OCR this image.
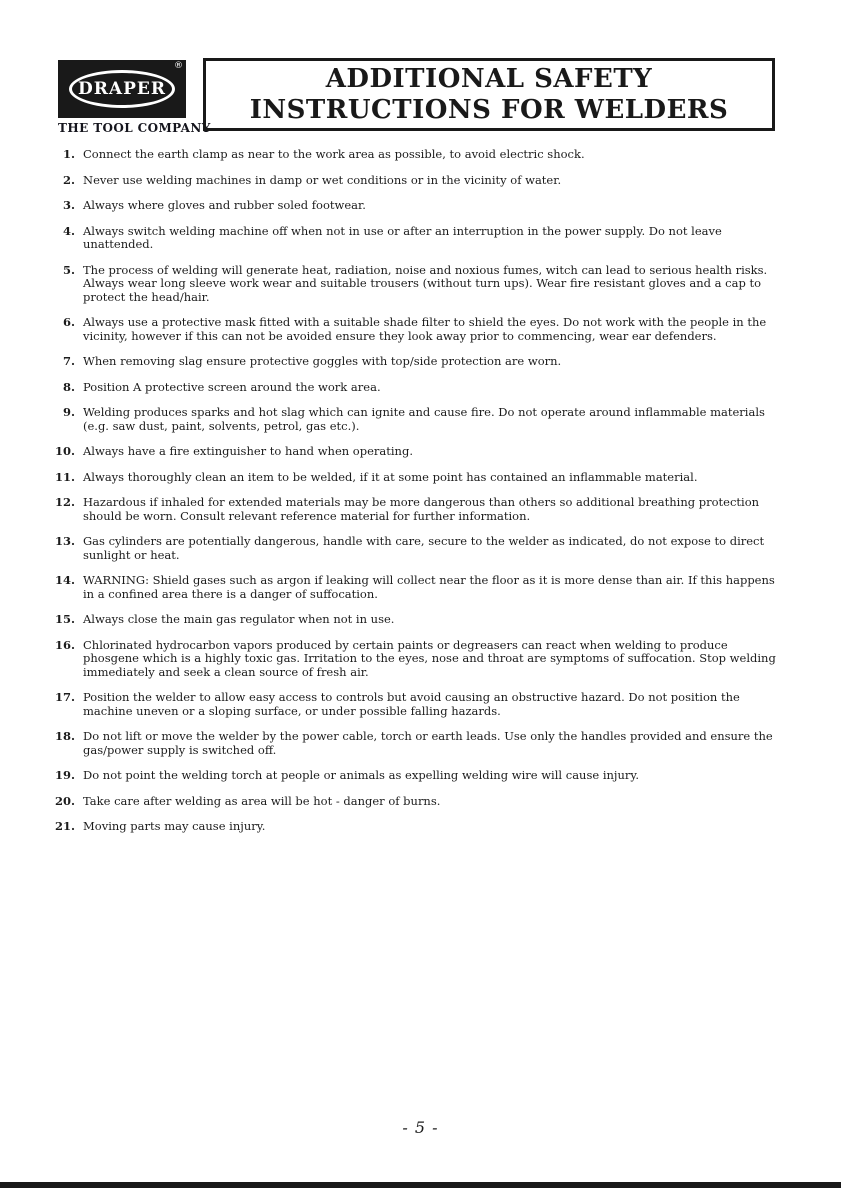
®
DRAPER
THE TOOL COMPANY
ADDITIONAL SAFETY
INSTRUCTIONS FOR WELDERS
1. Connect the earth clamp as near to the work area as possible, to avoid electric shock.
2. Never use welding machines in damp or wet conditions or in the vicinity of water.
3. Always where gloves and rubber soled footwear.
4. Always switch welding machine off when not in use or after an interruption in the power supply. Do not leave unattended.
5. The process of welding will generate heat, radiation, noise and noxious fumes, witch can lead to serious health risks. Always wear long sleeve work wear and suitable trousers (without turn ups). Wear fire resistant gloves and a cap to protect the head/hair.
6. Always use a protective mask fitted with a suitable shade filter to shield the eyes. Do not work with the people in the vicinity, however if this can not be avoided ensure they look away prior to commencing, wear ear defenders.
7. When removing slag ensure protective goggles with top/side protection are worn.
8. Position A protective screen around the work area.
9. Welding produces sparks and hot slag which can ignite and cause fire. Do not operate around inflammable materials (e.g. saw dust, paint, solvents, petrol, gas etc.).
10. Always have a fire extinguisher to hand when operating.
11. Always thoroughly clean an item to be welded, if it at some point has contained an inflammable material.
12. Hazardous if inhaled for extended materials may be more dangerous than others so additional breathing protection should be worn. Consult relevant reference material for further information.
13. Gas cylinders are potentially dangerous, handle with care, secure to the welder as indicated, do not expose to direct sunlight or heat.
14. WARNING: Shield gases such as argon if leaking will collect near the floor as it is more dense than air. If this happens in a confined area there is a danger of suffocation.
15. Always close the main gas regulator when not in use.
16. Chlorinated hydrocarbon vapors produced by certain paints or degreasers can react when welding to produce phosgene which is a highly toxic gas. Irritation to the eyes, nose and throat are symptoms of suffocation. Stop welding immediately and seek a clean source of fresh air.
17. Position the welder to allow easy access to controls but avoid causing an obstructive hazard. Do not position the machine uneven or a sloping surface, or under possible falling hazards.
18. Do not lift or move the welder by the power cable, torch or earth leads. Use only the handles provided and ensure the gas/power supply is switched off.
19. Do not point the welding torch at people or animals as expelling welding wire will cause injury.
20. Take care after welding as area will be hot - danger of burns.
21. Moving parts may cause injury.
- 5 -
